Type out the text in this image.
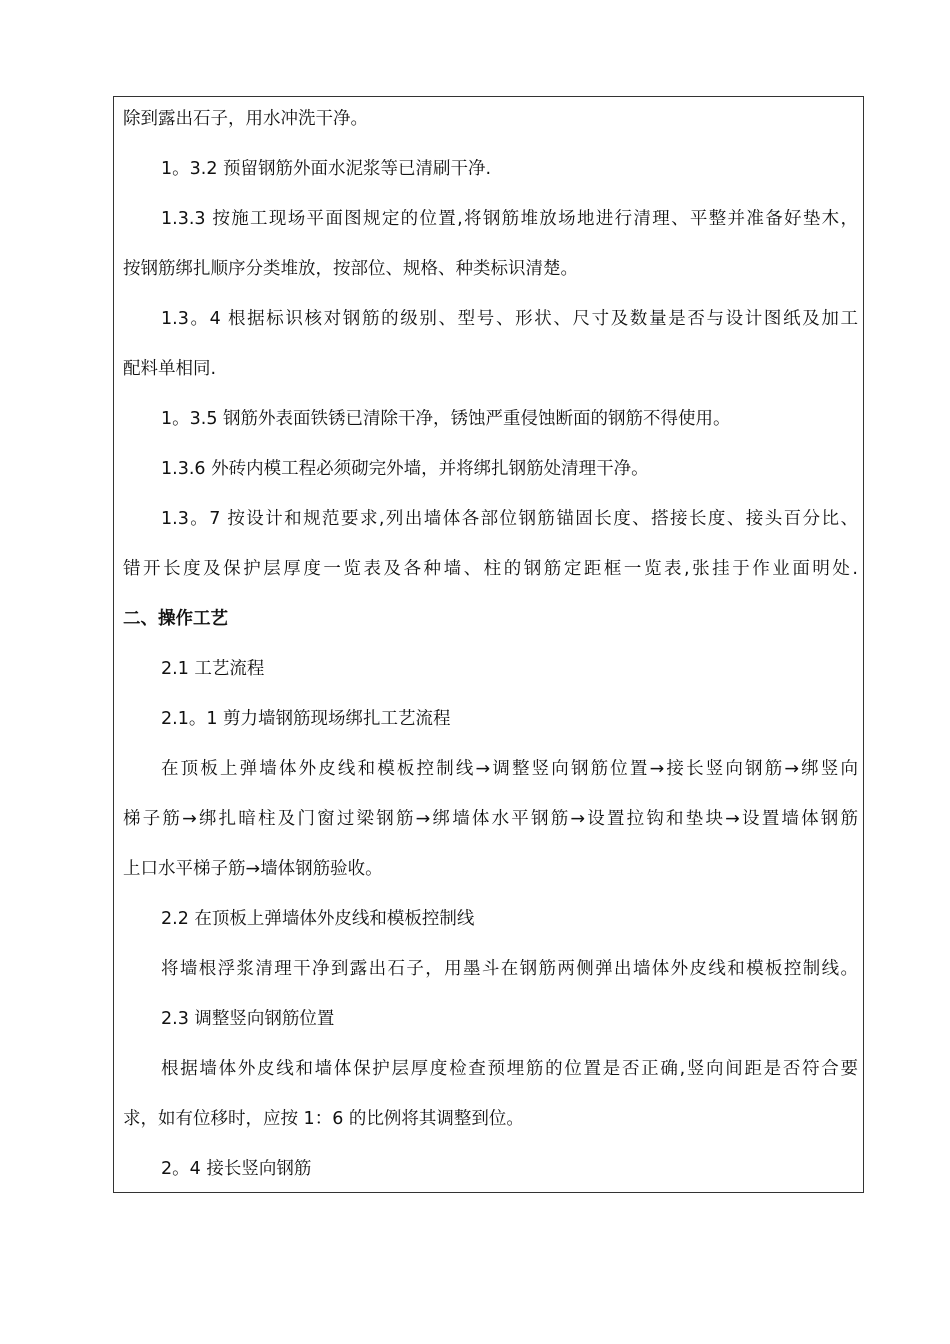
除到露出石子，用水冲洗干净。
1。3.2 预留钢筋外面水泥浆等已清刷干净.
1.3.3 按施工现场平面图规定的位置,将钢筋堆放场地进行清理、平整并准备好垫木，
按钢筋绑扎顺序分类堆放，按部位、规格、种类标识清楚。
1.3。4 根据标识核对钢筋的级别、型号、形状、尺寸及数量是否与设计图纸及加工
配料单相同.
1。3.5 钢筋外表面铁锈已清除干净，锈蚀严重侵蚀断面的钢筋不得使用。
1.3.6 外砖内模工程必须砌完外墙，并将绑扎钢筋处清理干净。
1.3。7 按设计和规范要求,列出墙体各部位钢筋锚固长度、搭接长度、接头百分比、
错开长度及保护层厚度一览表及各种墙、柱的钢筋定距框一览表,张挂于作业面明处.
二、操作工艺
2.1 工艺流程
2.1。1 剪力墙钢筋现场绑扎工艺流程
在顶板上弹墙体外皮线和模板控制线→调整竖向钢筋位置→接长竖向钢筋→绑竖向
梯子筋→绑扎暗柱及门窗过梁钢筋→绑墙体水平钢筋→设置拉钩和垫块→设置墙体钢筋
上口水平梯子筋→墙体钢筋验收。
2.2 在顶板上弹墙体外皮线和模板控制线
将墙根浮浆清理干净到露出石子，用墨斗在钢筋两侧弹出墙体外皮线和模板控制线。
2.3 调整竖向钢筋位置
根据墙体外皮线和墙体保护层厚度检查预埋筋的位置是否正确,竖向间距是否符合要
求，如有位移时，应按 1：6 的比例将其调整到位。
2。4 接长竖向钢筋
